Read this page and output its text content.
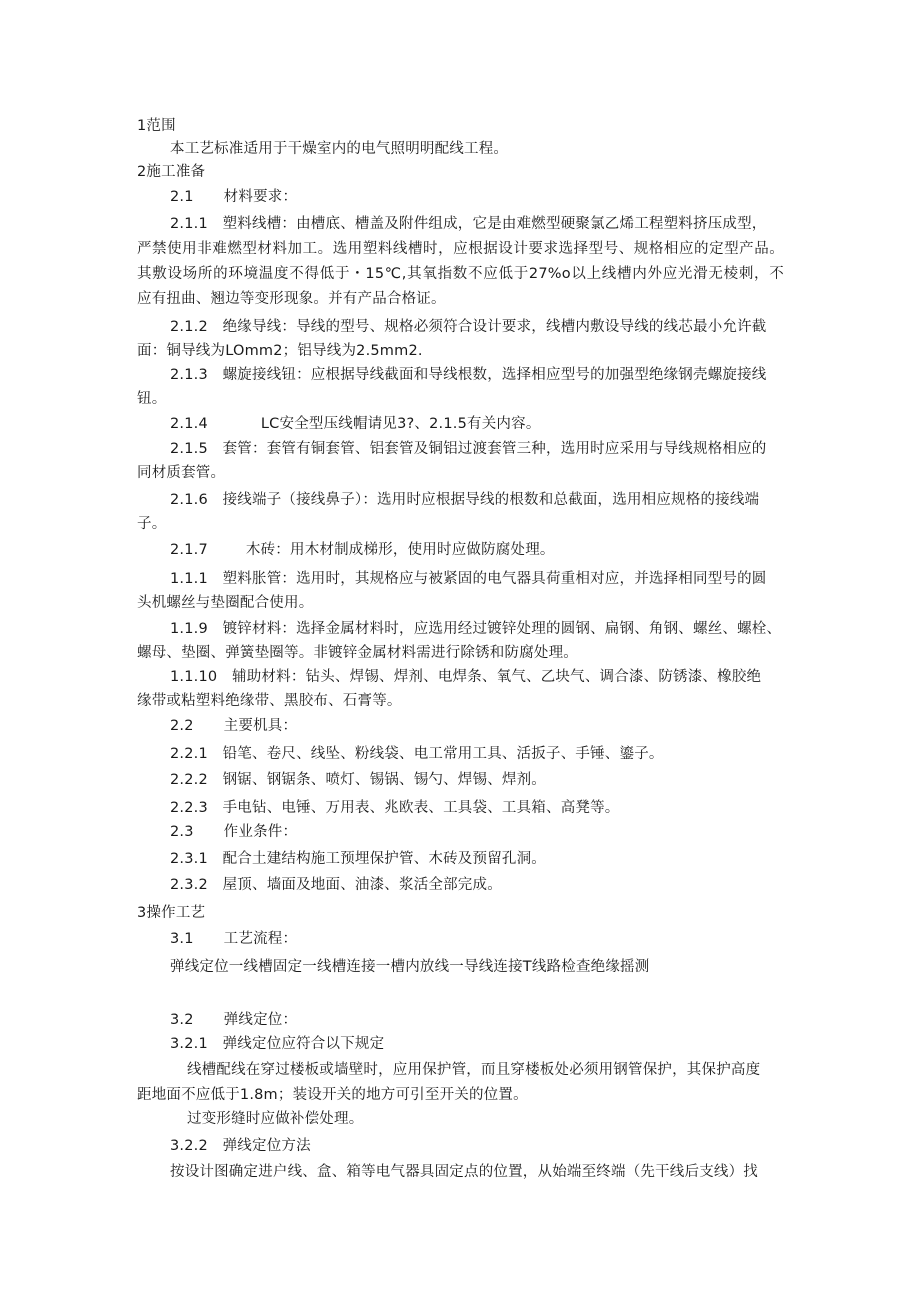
1范围
本工艺标准适用于干燥室内的电气照明明配线工程。
2施工准备
2.1 材料要求：
2.1.1　塑料线槽：由槽底、槽盖及附件组成，它是由难燃型硬聚氯乙烯工程塑料挤压成型，
严禁使用非难燃型材料加工。选用塑料线槽时，应根据设计要求选择型号、规格相应的定型产品。
其敷设场所的环境温度不得低于・15℃,其氧指数不应低于27%o以上线槽内外应光滑无棱刺，不
应有扭曲、翘边等变形现象。并有产品合格证。
2.1.2　绝缘导线：导线的型号、规格必须符合设计要求，线槽内敷设导线的线芯最小允许截
面：铜导线为LOmm2；铝导线为2.5mm2.
2.1.3　螺旋接线钮：应根据导线截面和导线根数，选择相应型号的加强型绝缘钢壳螺旋接线
钮。
2.1.4	LC安全型压线帽请见3?、2.1.5有关内容。
2.1.5　套管：套管有铜套管、铝套管及铜铝过渡套管三种，选用时应采用与导线规格相应的
同材质套管。
2.1.6　接线端子（接线鼻子）：选用时应根据导线的根数和总截面，选用相应规格的接线端
子。
2.1.7	木砖：用木材制成梯形，使用时应做防腐处理。
1.1.1　塑料胀管：选用时，其规格应与被紧固的电气器具荷重相对应，并选择相同型号的圆
头机螺丝与垫圈配合使用。
1.1.9　镀锌材料：选择金属材料时，应选用经过镀锌处理的圆钢、扁钢、角钢、螺丝、螺栓、
螺母、垫圈、弹簧垫圈等。非镀锌金属材料需进行除锈和防腐处理。
1.1.10　辅助材料：钻头、焊锡、焊剂、电焊条、氧气、乙块气、调合漆、防锈漆、橡胶绝
缘带或粘塑料绝缘带、黑胶布、石膏等。
2.2 主要机具：
2.2.1　铅笔、卷尺、线坠、粉线袋、电工常用工具、活扳子、手锤、鎏子。
2.2.2　钢锯、钢锯条、喷灯、锡锅、锡勺、焊锡、焊剂。
2.2.3　手电钻、电锤、万用表、兆欧表、工具袋、工具箱、高凳等。
2.3 作业条件：
2.3.1　配合土建结构施工预埋保护管、木砖及预留孔洞。
2.3.2　屋顶、墙面及地面、油漆、浆活全部完成。
3操作工艺
3.1 工艺流程：
弹线定位一线槽固定一线槽连接一槽内放线一导线连接T线路检查绝缘摇测
3.2 弹线定位：
3.2.1　弹线定位应符合以下规定
线槽配线在穿过楼板或墙壁时，应用保护管，而且穿楼板处必须用钢管保护，其保护高度
距地面不应低于1.8m；装设开关的地方可引至开关的位置。
过变形缝时应做补偿处理。
3.2.2　弹线定位方法
按设计图确定进户线、盒、箱等电气器具固定点的位置，从始端至终端（先干线后支线）找
